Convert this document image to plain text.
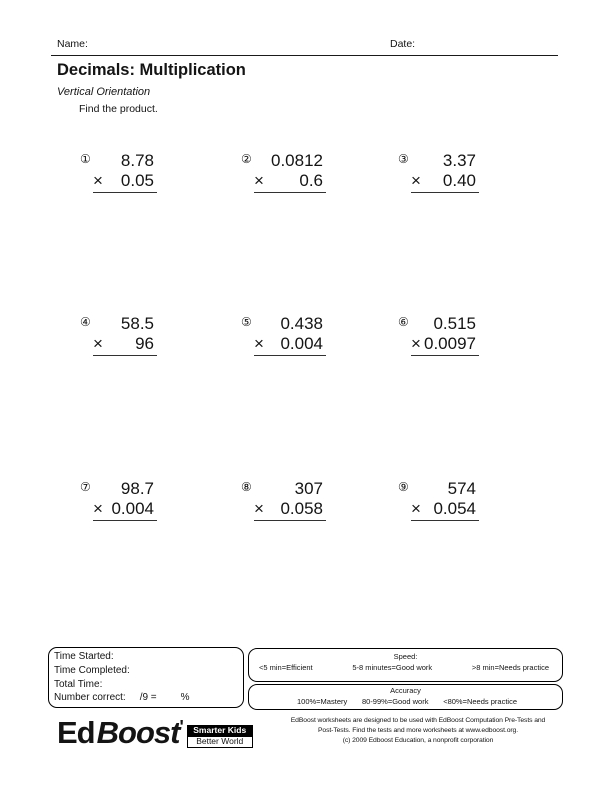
Name:	Date:
Decimals: Multiplication
Vertical Orientation
Find the product.
①	8.78
× 0.05
②	0.0812
× 0.6
③	3.37
× 0.40
④	58.5
× 96
⑤	0.438
× 0.004
⑥	0.515
× 0.0097
⑦	98.7
× 0.004
⑧	307
× 0.058
⑨	574
× 0.054
Time Started:
Time Completed:
Total Time:
Number correct: /9 = %
Speed:
<5 min=Efficient	5-8 minutes=Good work	>8 min=Needs practice
Accuracy
100%=Mastery 80-99%=Good work <80%=Needs practice
Ed Boost '	Smarter Kids
Better World
EdBoost worksheets are designed to be used with EdBoost Computation Pre-Tests and
Post-Tests. Find the tests and more worksheets at www.edboost.org.
(c) 2009 Edboost Education, a nonprofit corporation
